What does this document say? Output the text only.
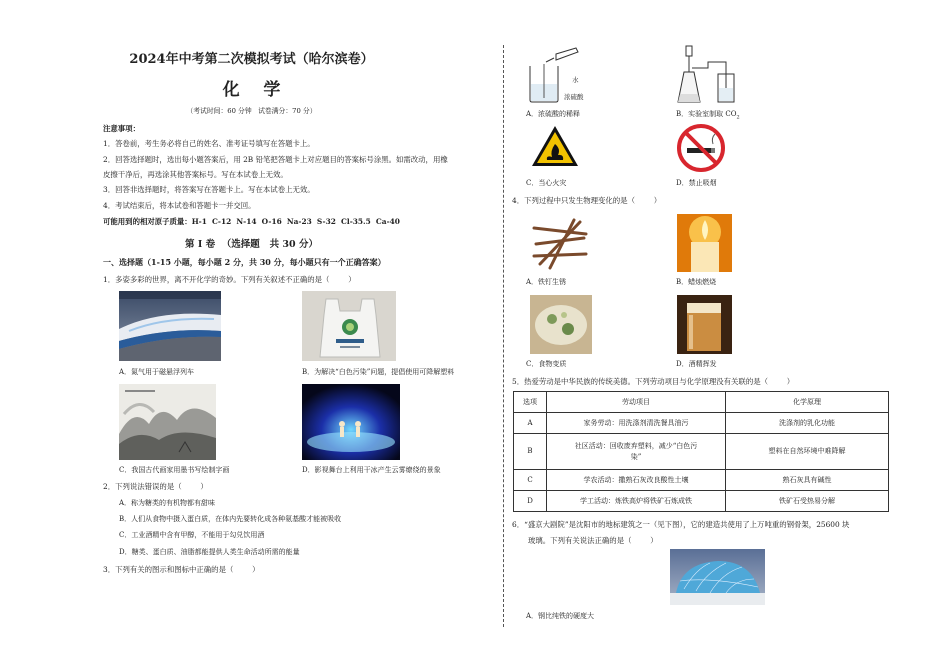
2024年中考第二次模拟考试（哈尔滨卷）
化    学
（考试时间：60 分钟   试卷满分：70 分）
注意事项：
1．答卷前，考生务必将自己的姓名、准考证号填写在答题卡上。
2．回答选择题时，选出每小题答案后，用 2B 铅笔把答题卡上对应题目的答案标号涂黑。如需改动，用橡
皮擦干净后，再选涂其他答案标号。写在本试卷上无效。
3．回答非选择题时，将答案写在答题卡上。写在本试卷上无效。
4．考试结束后，将本试卷和答题卡一并交回。
可能用到的相对原子质量：H-1  C-12  N-14  O-16  Na-23  S-32  Cl-35.5  Ca-40
第 I 卷  （选择题   共 30 分）
一、选择题（1-15 小题，每小题 2 分，共 30 分，每小题只有一个正确答案）
1．多姿多彩的世界，离不开化学的奇妙。下列有关叙述不正确的是（        ）
A．氮气用于磁悬浮列车	B．为解决“白色污染”问题，提倡使用可降解塑料
C．我国古代画家用墨书写绘制字画	D．影视舞台上利用干冰产生云雾缭绕的景象
2．下列说法错误的是（        ）
A．称为糖类的有机物都有甜味
B．人们从食物中摄入蛋白质，在体内先要转化成各种氨基酸才能被吸收
C．工业酒精中含有甲醇，不能用于勾兑饮用酒
D．糖类、蛋白质、油脂都能提供人类生命活动所需的能量
3．下列有关的图示和图标中正确的是（        ）
水
浓硫酸
A．浓硫酸的稀释	B．实验室制取 $CO_2$
C．当心火灾	D．禁止吸烟
4．下列过程中只发生物理变化的是（        ）
A．铁钉生锈	B．蜡烛燃烧
C．食物变质	D．酒精挥发
5．热爱劳动是中华民族的传统美德。下列劳动项目与化学原理没有关联的是（        ）
选项	劳动项目	化学原理
A	家务劳动：用洗涤剂清洗餐具油污	洗涤剂的乳化功能
B	社区活动：回收废弃塑料，减少“白色污
染”	塑料在自然环境中难降解
C	学农活动：撒熟石灰改良酸性土壤	熟石灰具有碱性
D	学工活动：炼铁高炉将铁矿石炼成铁	铁矿石受热易分解
6．“盛京大剧院”是沈阳市的地标建筑之一（见下图），它的建造共使用了上万吨重的钢骨架，25600 块
玻璃。下列有关说法正确的是（        ）
A．钢比纯铁的硬度大
